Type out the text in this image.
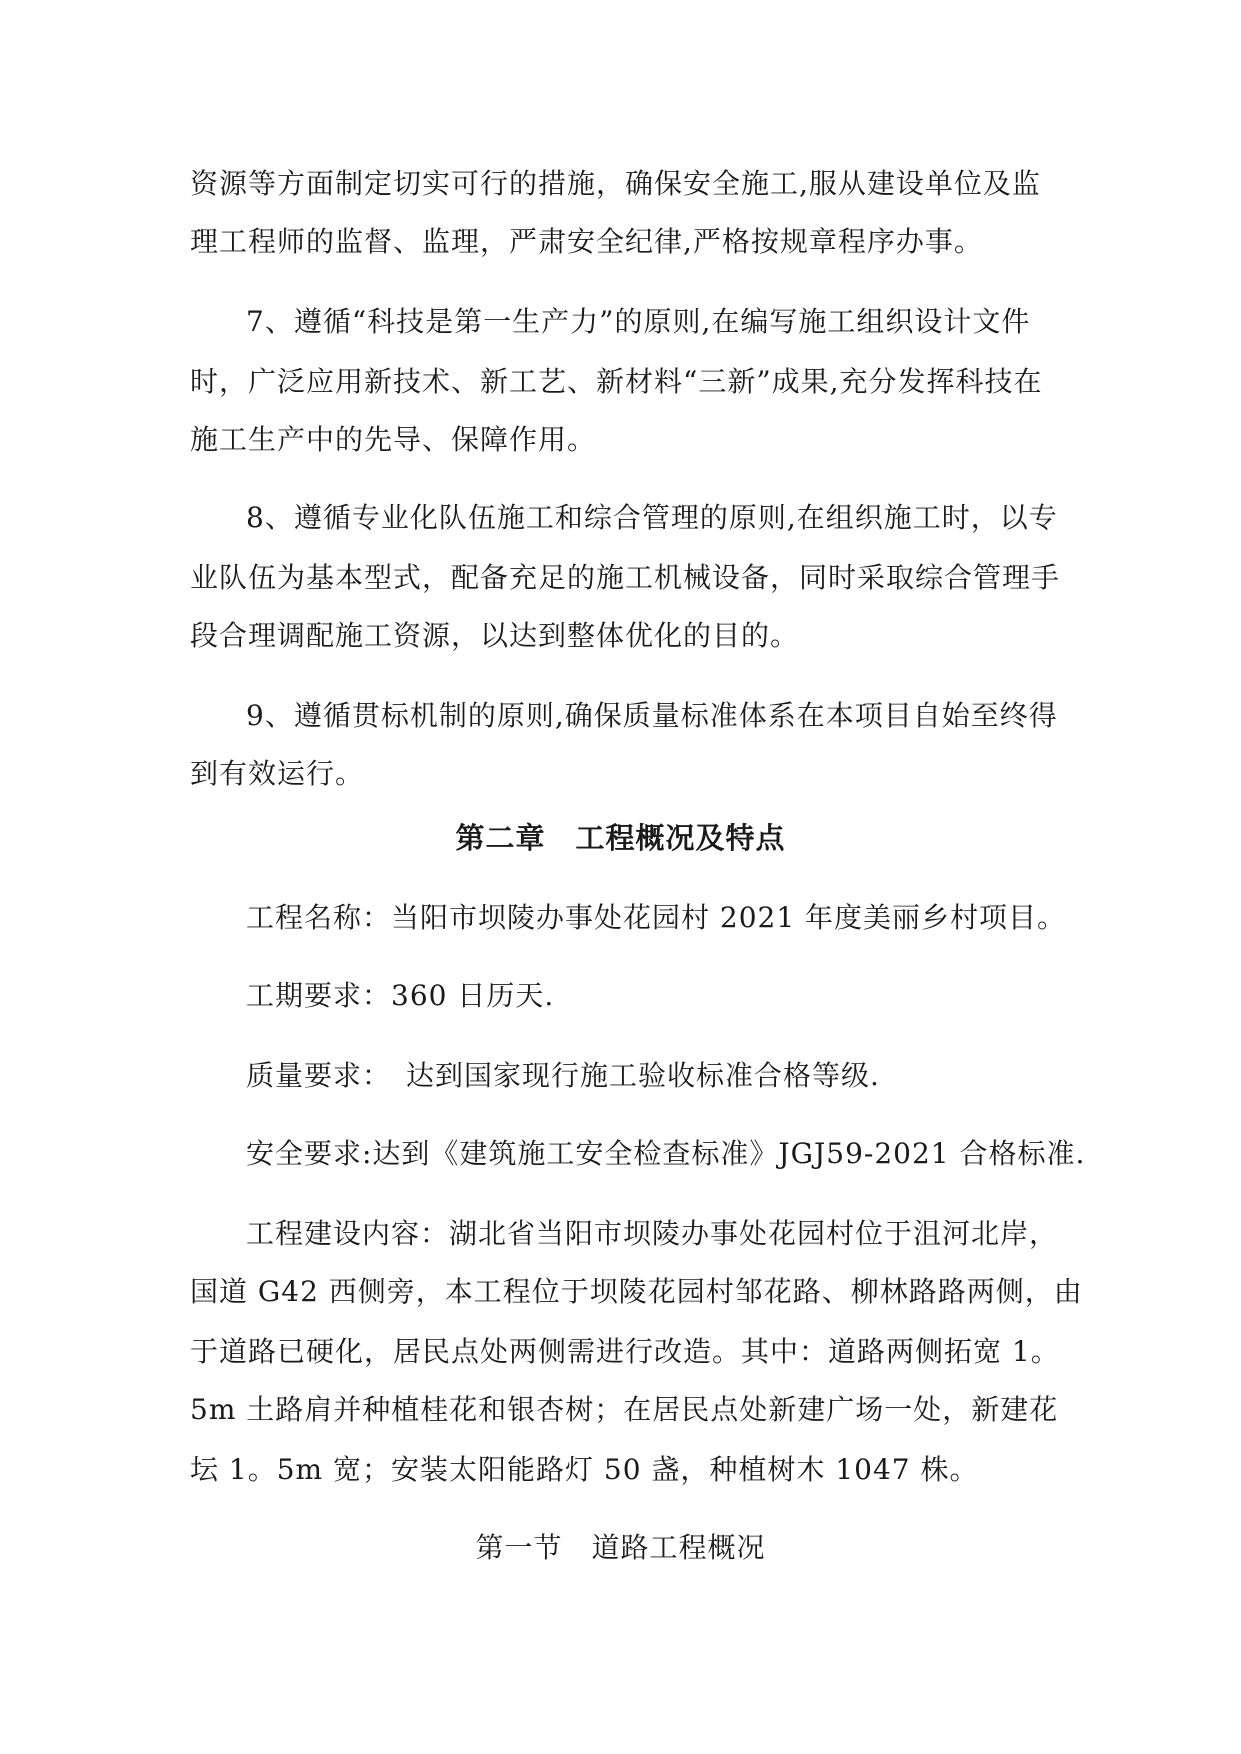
资源等方面制定切实可行的措施，确保安全施工,服从建设单位及监
理工程师的监督、监理，严肃安全纪律,严格按规章程序办事。
7、遵循“科技是第一生产力”的原则,在编写施工组织设计文件
时，广泛应用新技术、新工艺、新材料“三新”成果,充分发挥科技在
施工生产中的先导、保障作用。
8、遵循专业化队伍施工和综合管理的原则,在组织施工时，以专
业队伍为基本型式，配备充足的施工机械设备，同时采取综合管理手
段合理调配施工资源，以达到整体优化的目的。
9、遵循贯标机制的原则,确保质量标准体系在本项目自始至终得
到有效运行。
第二章　工程概况及特点
工程名称：当阳市坝陵办事处花园村 2021 年度美丽乡村项目。
工期要求：360 日历天.
质量要求：　达到国家现行施工验收标准合格等级.
安全要求:达到《建筑施工安全检查标准》JGJ59-2021 合格标准.
工程建设内容：湖北省当阳市坝陵办事处花园村位于沮河北岸，
国道 G42 西侧旁，本工程位于坝陵花园村邹花路、柳林路路两侧，由
于道路已硬化，居民点处两侧需进行改造。其中：道路两侧拓宽 1。
5m 土路肩并种植桂花和银杏树；在居民点处新建广场一处，新建花
坛 1。5m 宽；安装太阳能路灯 50 盏，种植树木 1047 株。
第一节　道路工程概况
